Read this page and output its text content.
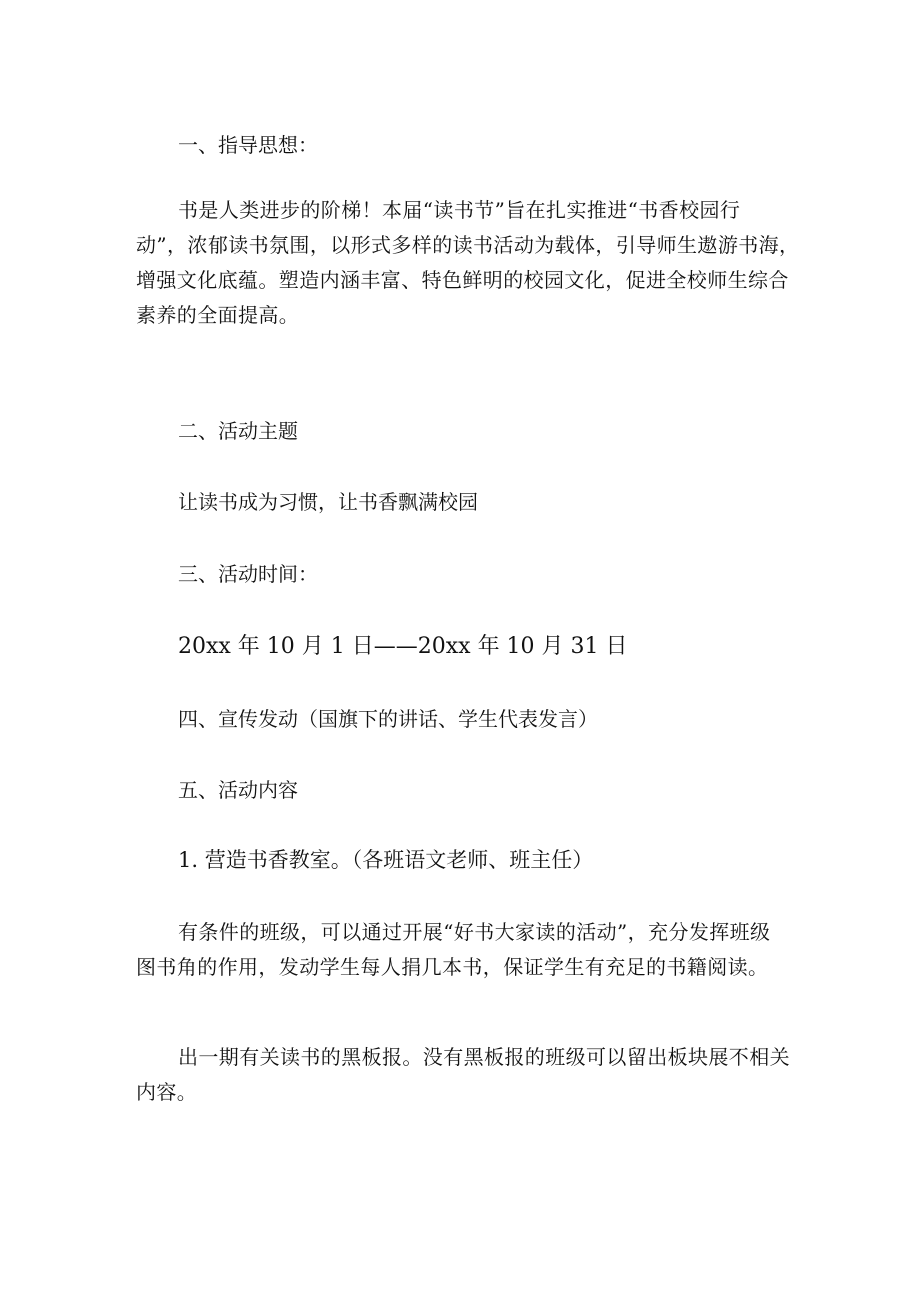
一、指导思想：

书是人类进步的阶梯！本届“读书节”旨在扎实推进“书香校园行
动”，浓郁读书氛围，以形式多样的读书活动为载体，引导师生遨游书海，
增强文化底蕴。塑造内涵丰富、特色鲜明的校园文化，促进全校师生综合
素养的全面提高。

二、活动主题

让读书成为习惯，让书香飘满校园

三、活动时间：

20xx 年 10 月 1 日——20xx 年 10 月 31 日

四、宣传发动（国旗下的讲话、学生代表发言）

五、活动内容

1. 营造书香教室。（各班语文老师、班主任）

有条件的班级，可以通过开展“好书大家读的活动”，充分发挥班级
图书角的作用，发动学生每人捐几本书，保证学生有充足的书籍阅读。
出一期有关读书的黑板报。没有黑板报的班级可以留出板块展不相关
内容。
